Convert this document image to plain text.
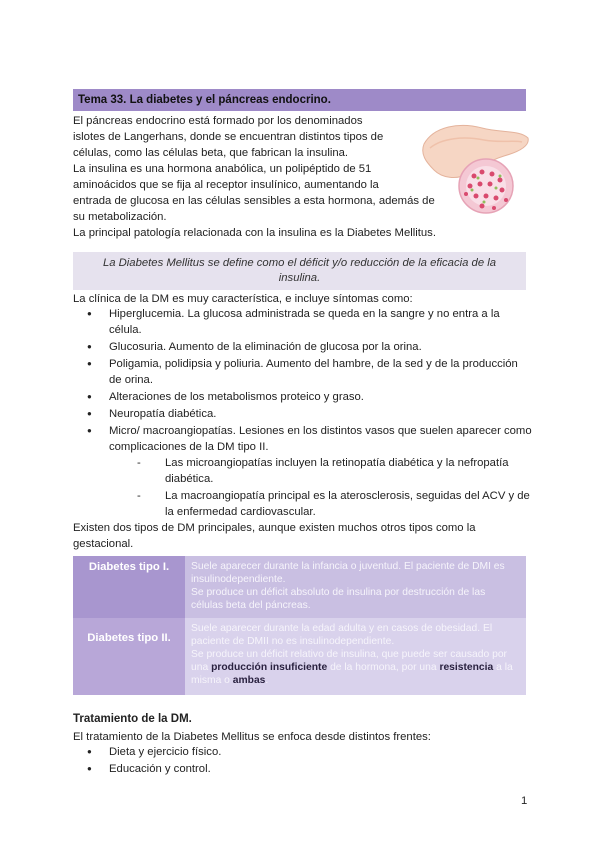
Tema 33. La diabetes y el páncreas endocrino.

El páncreas endocrino está formado por los denominados

islotes de Langerhans, donde se encuentran distintos tipos de

células, como las células beta, que fabrican la insulina.

La insulina es una hormona anabólica, un polipéptido de 51

aminoácidos que se fija al receptor insulínico, aumentando la

entrada de glucosa en las células sensibles a esta hormona, además de

su metabolización.

La principal patología relacionada con la insulina es la Diabetes Mellitus.

La Diabetes Mellitus se define como el déficit y/o reducción de la eficacia de la insulina.

La clínica de la DM es muy característica, e incluye síntomas como:

● Hiperglucemia. La glucosa administrada se queda en la sangre y no entra a la célula.
● Glucosuria. Aumento de la eliminación de glucosa por la orina.
● Poligamia, polidipsia y poliuria. Aumento del hambre, de la sed y de la producción de orina.
● Alteraciones de los metabolismos proteico y graso.
● Neuropatía diabética.
● Micro/ macroangiopatías. Lesiones en los distintos vasos que suelen aparecer como complicaciones de la DM tipo II.
- Las microangiopatías incluyen la retinopatía diabética y la nefropatía diabética.
- La macroangiopatía principal es la aterosclerosis, seguidas del ACV y de la enfermedad cardiovascular.

Existen dos tipos de DM principales, aunque existen muchos otros tipos como la gestacional.

Diabetes tipo I.	Suele aparecer durante la infancia o juventud. El paciente de DMI es insulinodependiente.

Se produce un déficit absoluto de insulina por destrucción de las células beta del páncreas.

Diabetes tipo II.

Suele aparecer durante la edad adulta y en casos de obesidad. El paciente de DMII no es insulinodependiente.

Se produce un déficit relativo de insulina, que puede ser causado por una producción insuficiente de la hormona, por una resistencia a la misma o ambas.

Tratamiento de la DM.

El tratamiento de la Diabetes Mellitus se enfoca desde distintos frentes:

● Dieta y ejercicio físico.
● Educación y control.
1
